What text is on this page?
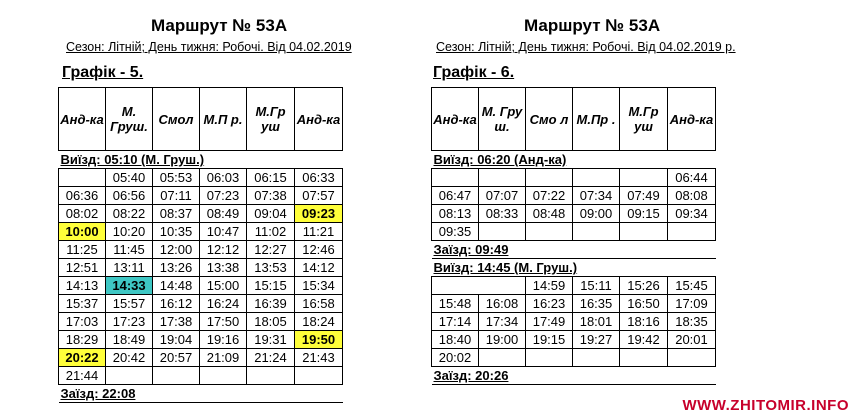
Маршрут № 53А
Сезон: Літній; День тижня: Робочі. Від 04.02.2019
Графік - 5.
Анд-ка	М. Груш.	Смол	М.П р.	М.Гр уш	Анд-ка
Виїзд: 05:10 (М. Груш.)					
	05:40	05:53	06:03	06:15	06:33
06:36	06:56	07:11	07:23	07:38	07:57
08:02	08:22	08:37	08:49	09:04	09:23
10:00	10:20	10:35	10:47	11:02	11:21
11:25	11:45	12:00	12:12	12:27	12:46
12:51	13:11	13:26	13:38	13:53	14:12
14:13	14:33	14:48	15:00	15:15	15:34
15:37	15:57	16:12	16:24	16:39	16:58
17:03	17:23	17:38	17:50	18:05	18:24
18:29	18:49	19:04	19:16	19:31	19:50
20:22	20:42	20:57	21:09	21:24	21:43
21:44					
Заїзд: 22:08					
Маршрут № 53А
Сезон: Літній; День тижня: Робочі. Від 04.02.2019 р.
Графік - 6.
Анд-ка	М. Гру ш.	Смо л	М.Пр .	М.Гр уш	Анд-ка
Виїзд: 06:20 (Анд-ка)					
					06:44
06:47	07:07	07:22	07:34	07:49	08:08
08:13	08:33	08:48	09:00	09:15	09:34
09:35					
Заїзд: 09:49					
Виїзд: 14:45 (М. Груш.)					
		14:59	15:11	15:26	15:45
15:48	16:08	16:23	16:35	16:50	17:09
17:14	17:34	17:49	18:01	18:16	18:35
18:40	19:00	19:15	19:27	19:42	20:01
20:02					
Заїзд: 20:26					
WWW.ZHITOMIR.INFO
